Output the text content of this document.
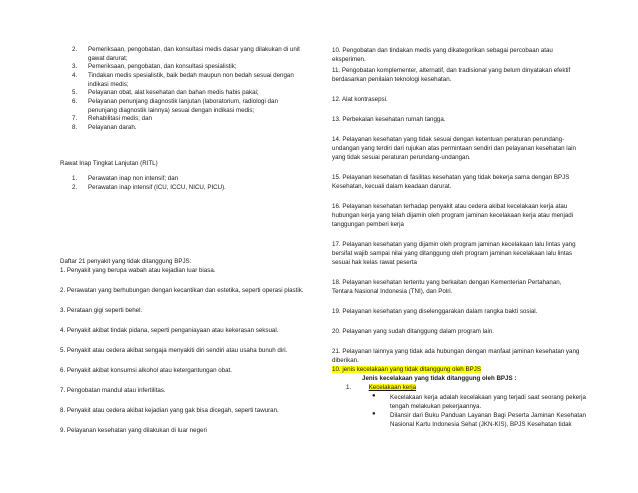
2. Pemeriksaan, pengobatan, dan konsultasi medis dasar yang dilakukan di unit gawat darurat;
3. Pemeriksaan, pengobatan, dan konsultasi spesialistik;
4. Tindakan medis spesialistik, baik bedah maupun non bedah sesuai dengan indikasi medis;
5. Pelayanan obat, alat kesehatan dan bahan medis habis pakai;
6. Pelayanan penunjang diagnostik lanjutan (laboratorium, radiologi dan penunjang diagnostik lainnya) sesuai dengan indikasi medis;
7. Rehabilitasi medis; dan
8. Pelayanan darah.
Rawat Inap Tingkat Lanjutan (RITL)
1. Perawatan inap non intensif; dan
2. Perawatan inap intensif (ICU, ICCU, NICU, PICU).
Daftar 21 penyakit yang tidak ditanggung BPJS:
1. Penyakit yang berupa wabah atau kejadian luar biasa.
2. Perawatan yang berhubungan dengan kecantikan dan estetika, seperti operasi plastik.
3. Perataan gigi seperti behel.
4. Penyakit akibat tindak pidana, seperti penganiayaan atau kekerasan seksual.
5. Penyakit atau cedera akibat sengaja menyakiti diri sendiri atau usaha bunuh diri.
6. Penyakit akibat konsumsi alkohol atau ketergantungan obat.
7. Pengobatan mandul atau infertilitas.
8. Penyakit atau cedera akibat kejadian yang gak bisa dicegah, seperti tawuran.
9. Pelayanan kesehatan yang dilakukan di luar negeri
10. Pengobatan dan tindakan medis yang dikategorikan sebagai percobaan atau eksperimen.
11. Pengobatan komplementer, alternatif, dan tradisional yang belum dinyatakan efektif berdasarkan penilaian teknologi kesehatan.
12. Alat kontrasepsi.
13. Perbekalan kesehatan rumah tangga.
14. Pelayanan kesehatan yang tidak sesuai dengan ketentuan peraturan perundang-undangan yang terdiri dari rujukan atas permintaan sendiri dan pelayanan kesehatan lain yang tidak sesuai peraturan perundang-undangan.
15. Pelayanan kesehatan di fasilitas kesehatan yang tidak bekerja sama dengan BPJS Kesehatan, kecuali dalam keadaan darurat.
16. Pelayanan kesehatan terhadap penyakit atau cedera akibat kecelakaan kerja atau hubungan kerja yang telah dijamin oleh program jaminan kecelakaan kerja atau menjadi tanggungan pemberi kerja
17. Pelayanan kesehatan yang dijamin oleh program jaminan kecelakaan lalu lintas yang bersifat wajib sampai nilai yang ditanggung oleh program jaminan kecelakaan lalu lintas sesuai hak kelas rawat peserta
18. Pelayanan kesehatan tertentu yang berkaitan dengan Kementerian Pertahanan, Tentara Nasional Indonesia (TNI), dan Polri.
19. Pelayanan kesehatan yang diselenggarakan dalam rangka bakti sosial.
20. Pelayanan yang sudah ditanggung dalam program lain.
21. Pelayanan lainnya yang tidak ada hubungan dengan manfaat jaminan kesehatan yang diberikan.
10. jenis kecelakaan yang tidak ditanggung oleh BPJS
Jenis kecelakaan yang tidak ditanggung oleh BPJS :
1.	Kecelakaan kerja
● Kecelakaan kerja adalah kecelakaan yang terjadi saat seorang pekerja tengah melakukan pekerjaannya.
● Dilansir dari Buku Panduan Layanan Bagi Peserta Jaminan Kesehatan Nasional Kartu Indonesia Sehat (JKN-KIS), BPJS Kesehatan tidak
